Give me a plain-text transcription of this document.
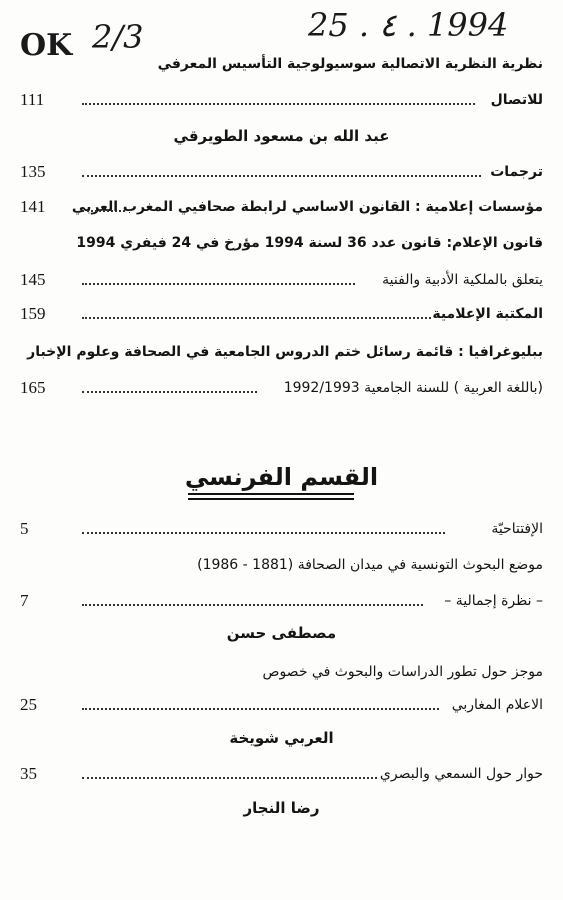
OK 2/3	25 . ٤ . 1994
نظرية النظرية الاتصالية سوسيولوجية التأسيس المعرفي
للاتصال
111
عبد الله بن مسعود الطويرقي
ترجمات
135
مؤسسات إعلامية : القانون الاساسي لرابطة صحافيي المغرب العربي
141
قانون الإعلام: قانون عدد 36 لسنة 1994 مؤرخ في 24 فيفري 1994
يتعلق بالملكية الأدبية والفنية
145
المكتبة الإعلامية
159
ببليوغرافيا : قائمة رسائل ختم الدروس الجامعية في الصحافة وعلوم الإخبار
(باللغة العربية ) للسنة الجامعية 1992/1993
165
القسم الفرنسي
الإفتتاحيّة
5
موضع البحوث التونسية في ميدان الصحافة (1881 - 1986)
– نظرة إجمالية –
7
مصطفى حسن
موجز حول تطور الدراسات والبحوث في خصوص
الاعلام المغاربي
25
العربي شويخة
حوار حول السمعي والبصري
35
رضا النجار
